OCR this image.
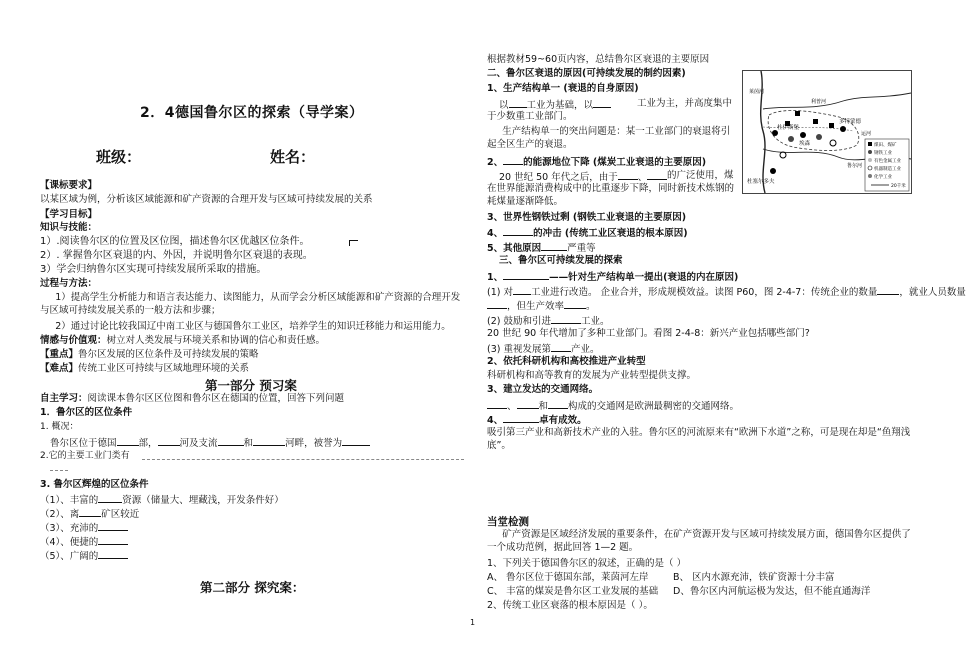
2．4德国鲁尔区的探索（导学案）
班级：	姓名：
【课标要求】
以某区域为例，分析该区域能源和矿产资源的合理开发与区域可持续发展的关系
【学习目标】
知识与技能：
1）.阅读鲁尔区的位置及区位图，描述鲁尔区优越区位条件。
2）. 掌握鲁尔区衰退的内、外因，并说明鲁尔区衰退的表现。
3）学会归纳鲁尔区实现可持续发展所采取的措施。
过程与方法：
1）提高学生分析能力和语言表达能力、读图能力，从而学会分析区域能源和矿产资源的合理开发与区域可持续发展关系的一般方法和步骤；
2）通过讨论比较我国辽中南工业区与德国鲁尔工业区，培养学生的知识迁移能力和运用能力。
情感与价值观：树立对人类发展与环境关系和协调的信心和责任感。
【重点】鲁尔区发展的区位条件及可持续发展的策略
【难点】传统工业区可持续与区域地理环境的关系
第一部分 预习案
自主学习：阅读课本鲁尔区区位图和鲁尔区在德国的位置，回答下列问题
1．鲁尔区的区位条件
1. 概况：
鲁尔区位于德国 部， 河及支流	和	河畔，被誉为
2.它的主要工业门类有
3. 鲁尔区辉煌的区位条件
（1）、丰富的	资源（储量大、埋藏浅，开发条件好）
（2）、离 矿区较近
（3）、充沛的
（4）、便捷的
（5）、广阔的
第二部分 探究案：
根据教材59~60页内容，总结鲁尔区衰退的主要原因
二、鲁尔区衰退的原因(可持续发展的制约因素)
1、生产结构单一 (衰退的自身原因)
以 工业为基础，以	工业为主，并高度集中于少数重工业部门。
生产结构单一的突出问题是：某一工业部门的衰退将引起全区生产的衰退。
2、 的能源地位下降 (煤炭工业衰退的主要原因)
20 世纪 50 年代之后，由于 、	的广泛使用，煤在世界能源消费构成中的比重逐步下降，同时新技术炼钢的耗煤量逐渐降低。
3、世界性钢铁过剩 (钢铁工业衰退的主要原因)
4、	的冲击 (传统工业区衰退的根本原因)
5、其他原因	严重等
三、鲁尔区可持续发展的探索
1、	——针对生产结构单一提出(衰退的内在原因)
(1) 对 工业进行改造。 企业合并，形成规模效益。读图 P60，图 2-4-7：传统企业的数量 ，就业人员数量
，但生产效率 。
(2) 鼓励和引进	工业。
20 世纪 90 年代增加了多种工业部门。看图 2-4-8：新兴产业包括哪些部门?
(3) 重视发展第 产业。
2、依托科研机构和高校推进产业转型
科研机构和高等教育的发展为产业转型提供支撑。
3、建立发达的交通网络。
、 和 构成的交通网是欧洲最稠密的交通网络。
4、	卓有成效。
吸引第三产业和高新技术产业的入驻。鲁尔区的河流原来有“欧洲下水道”之称，可是现在却是“鱼翔浅底”。
当堂检测
矿产资源是区域经济发展的重要条件，在矿产资源开发与区域可持续发展方面，德国鲁尔区提供了一个成功范例，据此回答 1—2 题。
1、下列关于德国鲁尔区的叙述，正确的是（ ）
A、 鲁尔区位于德国东部，莱茵河左岸	B、 区内水源充沛，铁矿资源十分丰富
C、 丰富的煤炭是鲁尔区工业发展的基础 D、鲁尔区内河航运极为发达，但不能直通海洋
2、传统工业区衰落的根本原因是（ ）。
1
杜伊斯堡
埃森
多特蒙德
杜塞尔多夫
莱茵河
利普河
鲁尔河
运河
煤田、煤矿
钢铁工业
有色金属工业
机器制造工业
化学工业
20千米
